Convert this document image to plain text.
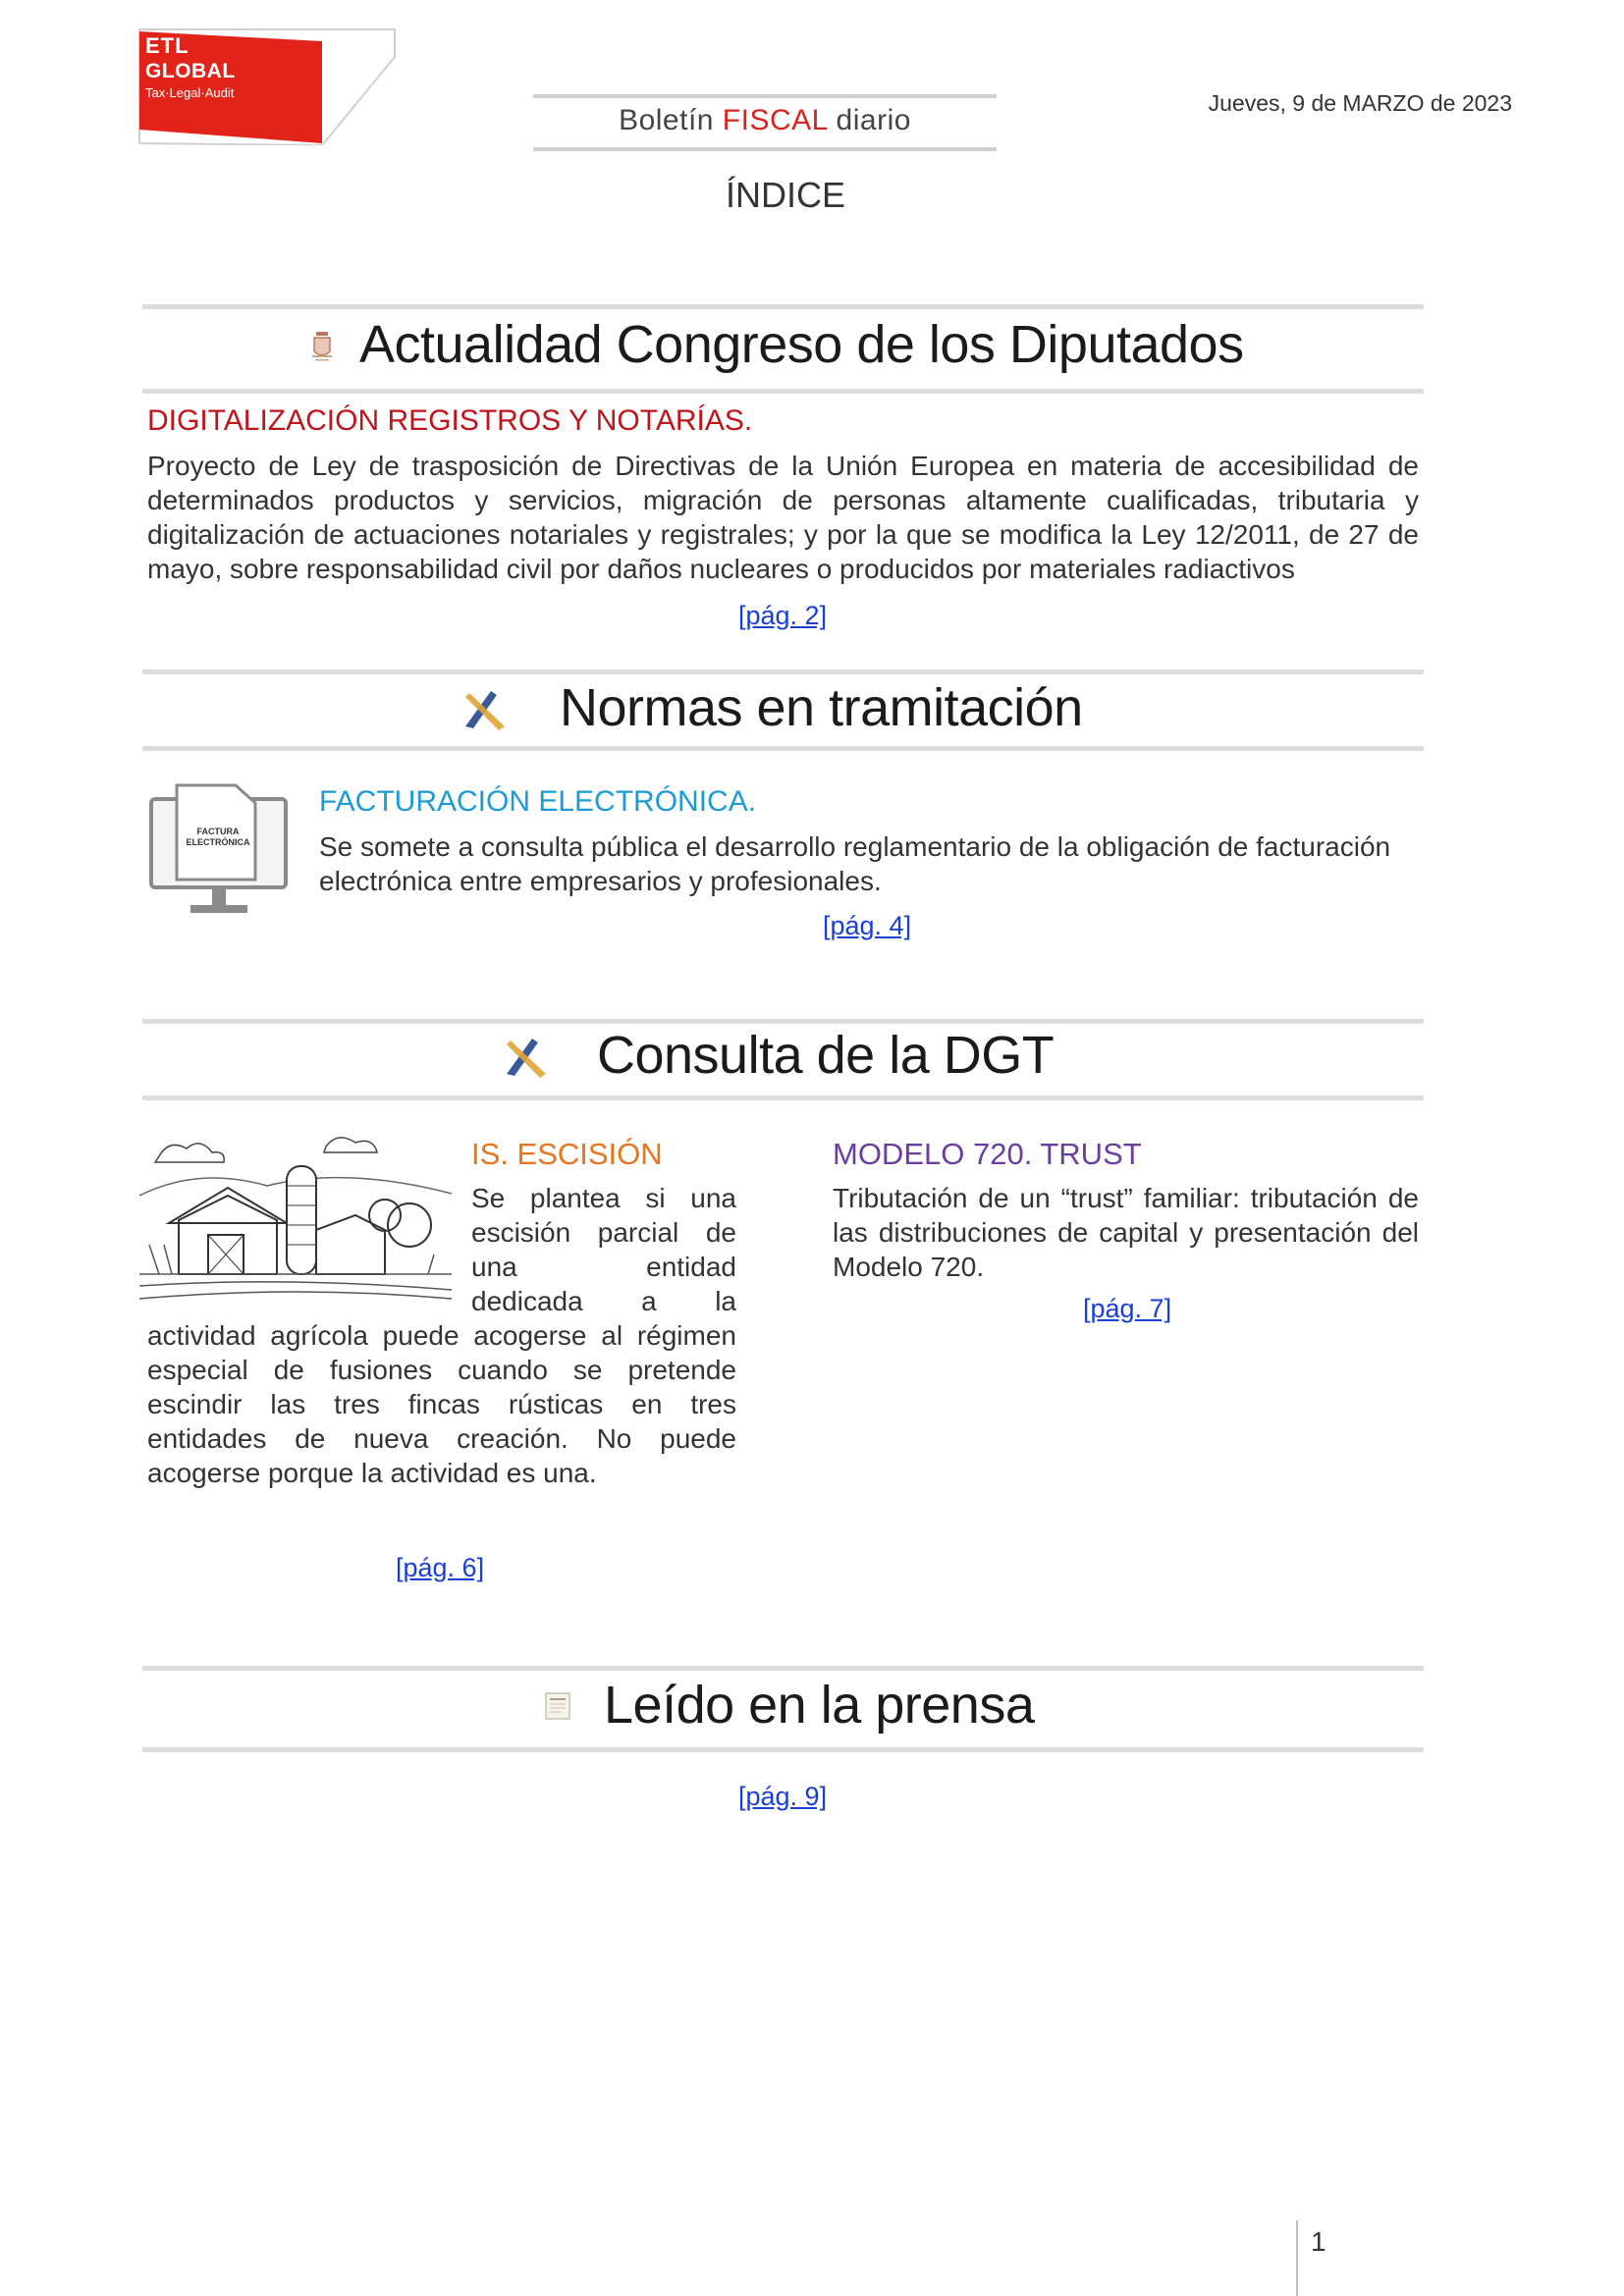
ETL
GLOBAL
Tax·Legal·Audit
Boletín FISCAL diario
Jueves, 9 de MARZO de 2023
ÍNDICE
Actualidad Congreso de los Diputados
DIGITALIZACIÓN REGISTROS Y NOTARÍAS.
Proyecto de Ley de trasposición de Directivas de la Unión Europea en materia de accesibilidad de determinados productos y servicios, migración de personas altamente cualificadas, tributaria y digitalización de actuaciones notariales y registrales; y por la que se modifica la Ley 12/2011, de 27 de mayo, sobre responsabilidad civil por daños nucleares o producidos por materiales radiactivos
[pág. 2]
Normas en tramitación
FACTURA ELECTRÓNICA
FACTURACIÓN ELECTRÓNICA.
Se somete a consulta pública el desarrollo reglamentario de la obligación de facturación electrónica entre empresarios y profesionales.
[pág. 4]
Consulta de la DGT
IS. ESCISIÓN
Se plantea si una
escisión parcial de
una entidad
dedicada a la
actividad agrícola puede acogerse al régimen especial de fusiones cuando se pretende escindir las tres fincas rústicas en tres entidades de nueva creación. No puede acogerse porque la actividad es una.
[pág. 6]
MODELO 720. TRUST
Tributación de un “trust” familiar: tributación de las distribuciones de capital y presentación del Modelo 720.
[pág. 7]
Leído en la prensa
[pág. 9]
1
